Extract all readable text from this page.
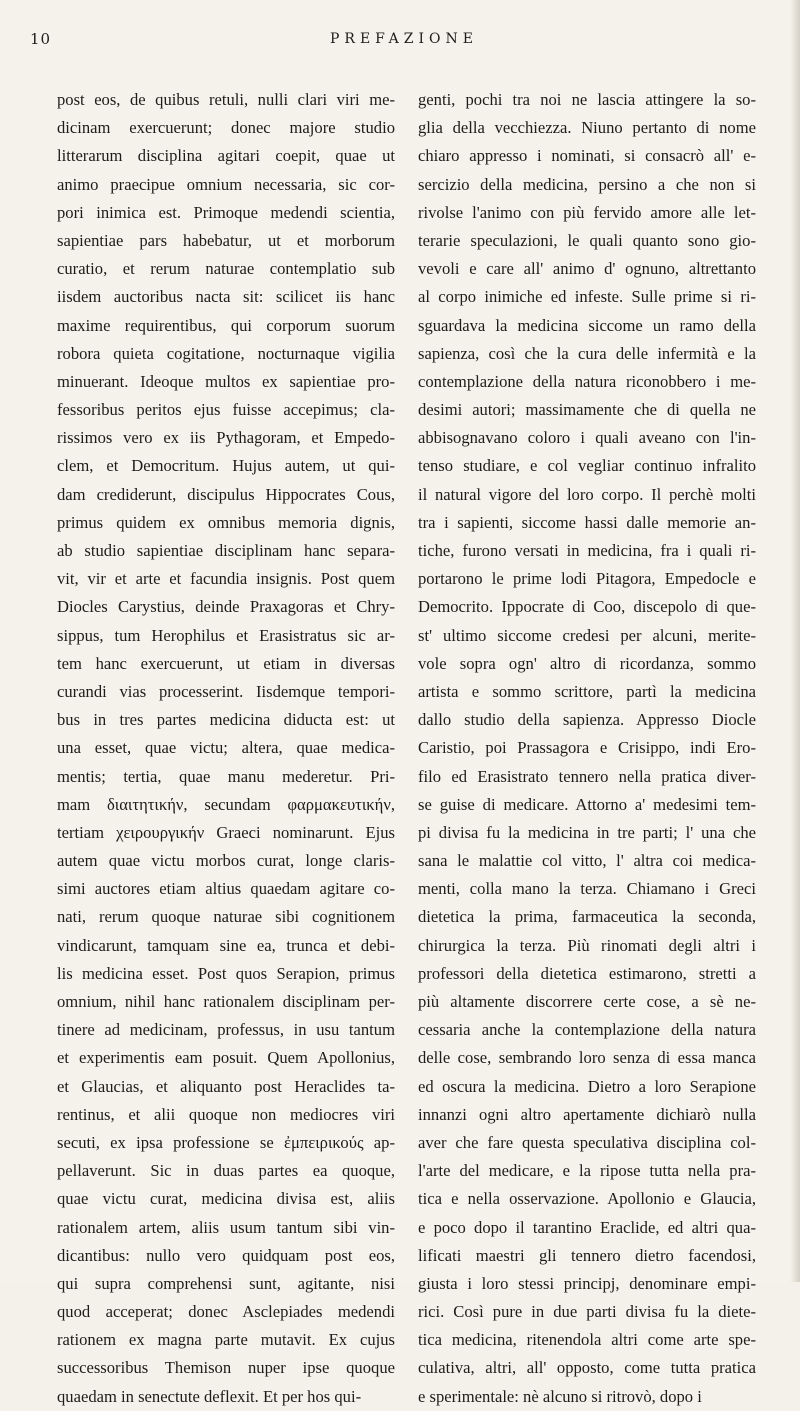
10	PREFAZIONE
post eos, de quibus retuli, nulli clari viri me-
dicinam exercuerunt; donec majore studio
litterarum disciplina agitari coepit, quae ut
animo praecipue omnium necessaria, sic cor-
pori inimica est. Primoque medendi scientia,
sapientiae pars habebatur, ut et morborum
curatio, et rerum naturae contemplatio sub
iisdem auctoribus nacta sit: scilicet iis hanc
maxime requirentibus, qui corporum suorum
robora quieta cogitatione, nocturnaque vigilia
minuerant. Ideoque multos ex sapientiae pro-
fessoribus peritos ejus fuisse accepimus; cla-
rissimos vero ex iis Pythagoram, et Empedo-
clem, et Democritum. Hujus autem, ut qui-
dam crediderunt, discipulus Hippocrates Cous,
primus quidem ex omnibus memoria dignis,
ab studio sapientiae disciplinam hanc separa-
vit, vir et arte et facundia insignis. Post quem
Diocles Carystius, deinde Praxagoras et Chry-
sippus, tum Herophilus et Erasistratus sic ar-
tem hanc exercuerunt, ut etiam in diversas
curandi vias processerint. Iisdemque tempori-
bus in tres partes medicina diducta est: ut
una esset, quae victu; altera, quae medica-
mentis; tertia, quae manu mederetur. Pri-
mam διαιτητικήν, secundam φαρμακευτικήν,
tertiam χειρουργικήν Graeci nominarunt. Ejus
autem quae victu morbos curat, longe claris-
simi auctores etiam altius quaedam agitare co-
nati, rerum quoque naturae sibi cognitionem
vindicarunt, tamquam sine ea, trunca et debi-
lis medicina esset. Post quos Serapion, primus
omnium, nihil hanc rationalem disciplinam per-
tinere ad medicinam, professus, in usu tantum
et experimentis eam posuit. Quem Apollonius,
et Glaucias, et aliquanto post Heraclides ta-
rentinus, et alii quoque non mediocres viri
secuti, ex ipsa professione se ἐμπειρικούς ap-
pellaverunt. Sic in duas partes ea quoque,
quae victu curat, medicina divisa est, aliis
rationalem artem, aliis usum tantum sibi vin-
dicantibus: nullo vero quidquam post eos,
qui supra comprehensi sunt, agitante, nisi
quod acceperat; donec Asclepiades medendi
rationem ex magna parte mutavit. Ex cujus
successoribus Themison nuper ipse quoque
quaedam in senectute deflexit. Et per hos qui-
genti, pochi tra noi ne lascia attingere la so-
glia della vecchiezza. Niuno pertanto di nome
chiaro appresso i nominati, si consacrò all' e-
sercizio della medicina, persino a che non si
rivolse l'animo con più fervido amore alle let-
terarie speculazioni, le quali quanto sono gio-
vevoli e care all' animo d' ognuno, altrettanto
al corpo inimiche ed infeste. Sulle prime si ri-
sguardava la medicina siccome un ramo della
sapienza, così che la cura delle infermità e la
contemplazione della natura riconobbero i me-
desimi autori; massimamente che di quella ne
abbisognavano coloro i quali aveano con l'in-
tenso studiare, e col vegliar continuo infralito
il natural vigore del loro corpo. Il perchè molti
tra i sapienti, siccome hassi dalle memorie an-
tiche, furono versati in medicina, fra i quali ri-
portarono le prime lodi Pitagora, Empedocle e
Democrito. Ippocrate di Coo, discepolo di que-
st' ultimo siccome credesi per alcuni, merite-
vole sopra ogn' altro di ricordanza, sommo
artista e sommo scrittore, partì la medicina
dallo studio della sapienza. Appresso Diocle
Caristio, poi Prassagora e Crisippo, indi Ero-
filo ed Erasistrato tennero nella pratica diver-
se guise di medicare. Attorno a' medesimi tem-
pi divisa fu la medicina in tre parti; l' una che
sana le malattie col vitto, l' altra coi medica-
menti, colla mano la terza. Chiamano i Greci
dietetica la prima, farmaceutica la seconda,
chirurgica la terza. Più rinomati degli altri i
professori della dietetica estimarono, stretti a
più altamente discorrere certe cose, a sè ne-
cessaria anche la contemplazione della natura
delle cose, sembrando loro senza di essa manca
ed oscura la medicina. Dietro a loro Serapione
innanzi ogni altro apertamente dichiarò nulla
aver che fare questa speculativa disciplina col-
l'arte del medicare, e la ripose tutta nella pra-
tica e nella osservazione. Apollonio e Glaucia,
e poco dopo il tarantino Eraclide, ed altri qua-
lificati maestri gli tennero dietro facendosi,
giusta i loro stessi principj, denominare empi-
rici. Così pure in due parti divisa fu la diete-
tica medicina, ritenendola altri come arte spe-
culativa, altri, all' opposto, come tutta pratica
e sperimentale: nè alcuno si ritrovò, dopo i
